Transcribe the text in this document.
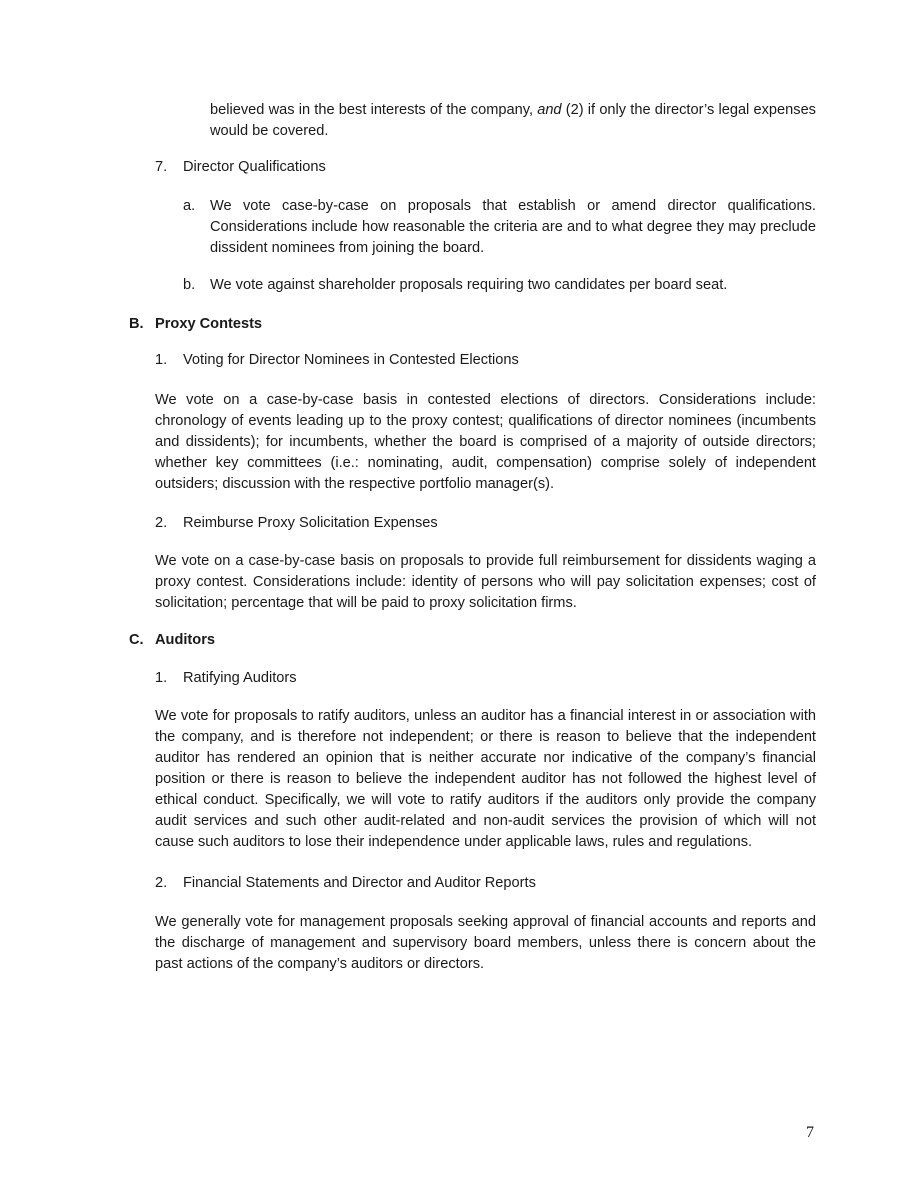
believed was in the best interests of the company, and (2) if only the director’s legal expenses would be covered.

7. Director Qualifications
a. We vote case-by-case on proposals that establish or amend director qualifications. Considerations include how reasonable the criteria are and to what degree they may preclude dissident nominees from joining the board.

b. We vote against shareholder proposals requiring two candidates per board seat.

B. Proxy Contests
1. Voting for Director Nominees in Contested Elections

We vote on a case-by-case basis in contested elections of directors. Considerations include: chronology of events leading up to the proxy contest; qualifications of director nominees (incumbents and dissidents); for incumbents, whether the board is comprised of a majority of outside directors; whether key committees (i.e.: nominating, audit, compensation) comprise solely of independent outsiders; discussion with the respective portfolio manager(s).

2. Reimburse Proxy Solicitation Expenses

We vote on a case-by-case basis on proposals to provide full reimbursement for dissidents waging a proxy contest. Considerations include: identity of persons who will pay solicitation expenses; cost of solicitation; percentage that will be paid to proxy solicitation firms.

C. Auditors
1. Ratifying Auditors

We vote for proposals to ratify auditors, unless an auditor has a financial interest in or association with the company, and is therefore not independent; or there is reason to believe that the independent auditor has rendered an opinion that is neither accurate nor indicative of the company’s financial position or there is reason to believe the independent auditor has not followed the highest level of ethical conduct. Specifically, we will vote to ratify auditors if the auditors only provide the company audit services and such other audit-related and non-audit services the provision of which will not cause such auditors to lose their independence under applicable laws, rules and regulations.

2. Financial Statements and Director and Auditor Reports

We generally vote for management proposals seeking approval of financial accounts and reports and the discharge of management and supervisory board members, unless there is concern about the past actions of the company’s auditors or directors.

7
